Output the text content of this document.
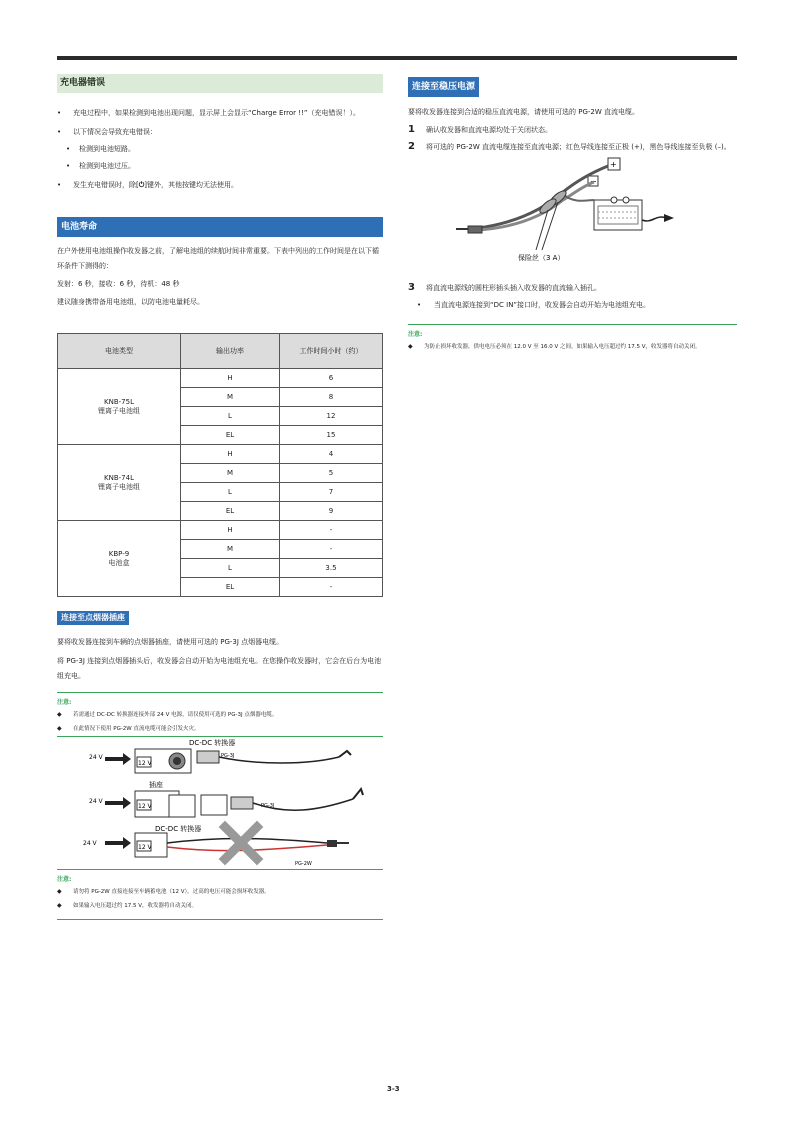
充电器错误
• 充电过程中，如果检测到电池出现问题，显示屏上会显示“Charge Error !!”（充电错误！）。
• 以下情况会导致充电错误：
• 检测到电池短路。
• 检测到电池过压。
• 发生充电错误时，除[⏻]键外，其他按键均无法使用。
电池寿命

在户外使用电池组操作收发器之前，了解电池组的续航时间非常重要。下表中列出的工作时间是在以下循环条件下测得的：

发射：6 秒，接收：6 秒，待机：48 秒

建议随身携带备用电池组，以防电池电量耗尽。

电池类型	输出功率	工作时间小时（约）
KNB-75L
锂离子电池组	H	6
	M	8
	L	12
	EL	15
KNB-74L
锂离子电池组	H	4
	M	5
	L	7
	EL	9
KBP-9
电池盒	H	-
	M	-
	L	3.5
	EL	-
连接至点烟器插座

要将收发器连接到车辆的点烟器插座，请使用可选的 PG-3J 点烟器电缆。

将 PG-3J 连接到点烟器插头后，收发器会自动开始为电池组充电。在您操作收发器时，它会在后台为电池组充电。

注意:
◆ 若需通过 DC-DC 转换器连接外部 24 V 电源，请仅使用可选的 PG-3J 点烟器电缆。
◆ 在此情况下使用 PG-2W 直流电缆可能会引发火灾。
24 V
12 V
DC-DC 转换器
PG-3J
24 V
12 V
插座
PG-3J
24 V
12 V
DC-DC 转换器
PG-2W
注意:
◆ 请勿将 PG-2W 直接连接至车辆蓄电池（12 V）。过高的电压可能会损坏收发器。
◆ 如果输入电压超过约 17.5 V，收发器将自动关闭。
连接至稳压电源

要将收发器连接到合适的稳压直流电源，请使用可选的 PG-2W 直流电缆。

1 确认收发器和直流电源均处于关闭状态。
2 将可选的 PG-2W 直流电缆连接至直流电源；红色导线连接至正极 (+)，黑色导线连接至负极 (–)。
+
−
保险丝（3 A）
3 将直流电源线的圆柱形插头插入收发器的直流输入插孔。
• 当直流电源连接到“DC IN”接口时，收发器会自动开始为电池组充电。
注意:
◆ 为防止损坏收发器，供电电压必须在 12.0 V 至 16.0 V 之间。如果输入电压超过约 17.5 V，收发器将自动关闭。
3-3
